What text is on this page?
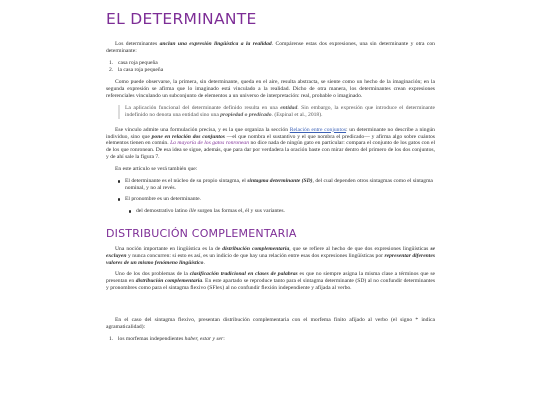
EL DETERMINANTE

Los determinantes anclan una expresión lingüística a la realidad. Compárense estas dos expresiones, una sin determinante y otra con determinante:

1. casa roja pequeña
2. la casa roja pequeña

Como puede observarse, la primera, sin determinante, queda en el aire, resulta abstracta, se siente como un hecho de la imaginación; en la segunda expresión se afirma que lo imaginado está vinculado a la realidad. Dicho de otra manera, los determinantes crean expresiones referenciales vinculando un subconjunto de elementos a un universo de interpretación: real, probable o imaginado.

La aplicación funcional del determinante definido resulta en una entidad. Sin embargo, la expresión que introduce el determinante indefinido no denota una entidad sino una propiedad o predicado. (Espinal et al., 2018).

Ese vínculo admite una formulación precisa, y es la que organiza la sección Relación entre conjuntos: un determinante no describe a ningún individuo, sino que pone en relación dos conjuntos —el que nombra el sustantivo y el que nombra el predicado— y afirma algo sobre cuántos elementos tienen en común. La mayoría de los gatos ronronean no dice nada de ningún gato en particular: compara el conjunto de los gatos con el de los que ronronean. De esa idea se sigue, además, que para dar por verdadera la oración baste con mirar dentro del primero de los dos conjuntos, y de ahí sale la figura 7.

En este artículo se verá también que:

El determinante es el núcleo de su propio sintagma, el sintagma determinante (SD), del cual dependen otros sintagmas como el sintagma nominal, y no al revés.
El pronombre es un determinante.
del demostrativo latino ille surgen las formas el, él y sus variantes.
DISTRIBUCIÓN COMPLEMENTARIA

Una noción importante en lingüística es la de distribución complementaria, que se refiere al hecho de que dos expresiones lingüísticas se excluyen y nunca concurren: si esto es así, es un indicio de que hay una relación entre esas dos expresiones lingüísticas por representar diferentes valores de un mismo fenómeno lingüístico.

Uno de los dos problemas de la clasificación tradicional en clases de palabras es que no siempre asigna la misma clase a términos que se presentan en distribución complementaria. En este apartado se reproduce tanto para el sintagma determinante (SD) al no confundir determinantes y pronombres como para el sintagma flexivo (SFlex) al no confundir flexión independiente y afijada al verbo.

En el caso del sintagma flexivo, presentan distribución complementaria con el morfema finito afijado al verbo (el signo * indica agramaticalidad):

1. los morfemas independientes haber, estar y ser:
